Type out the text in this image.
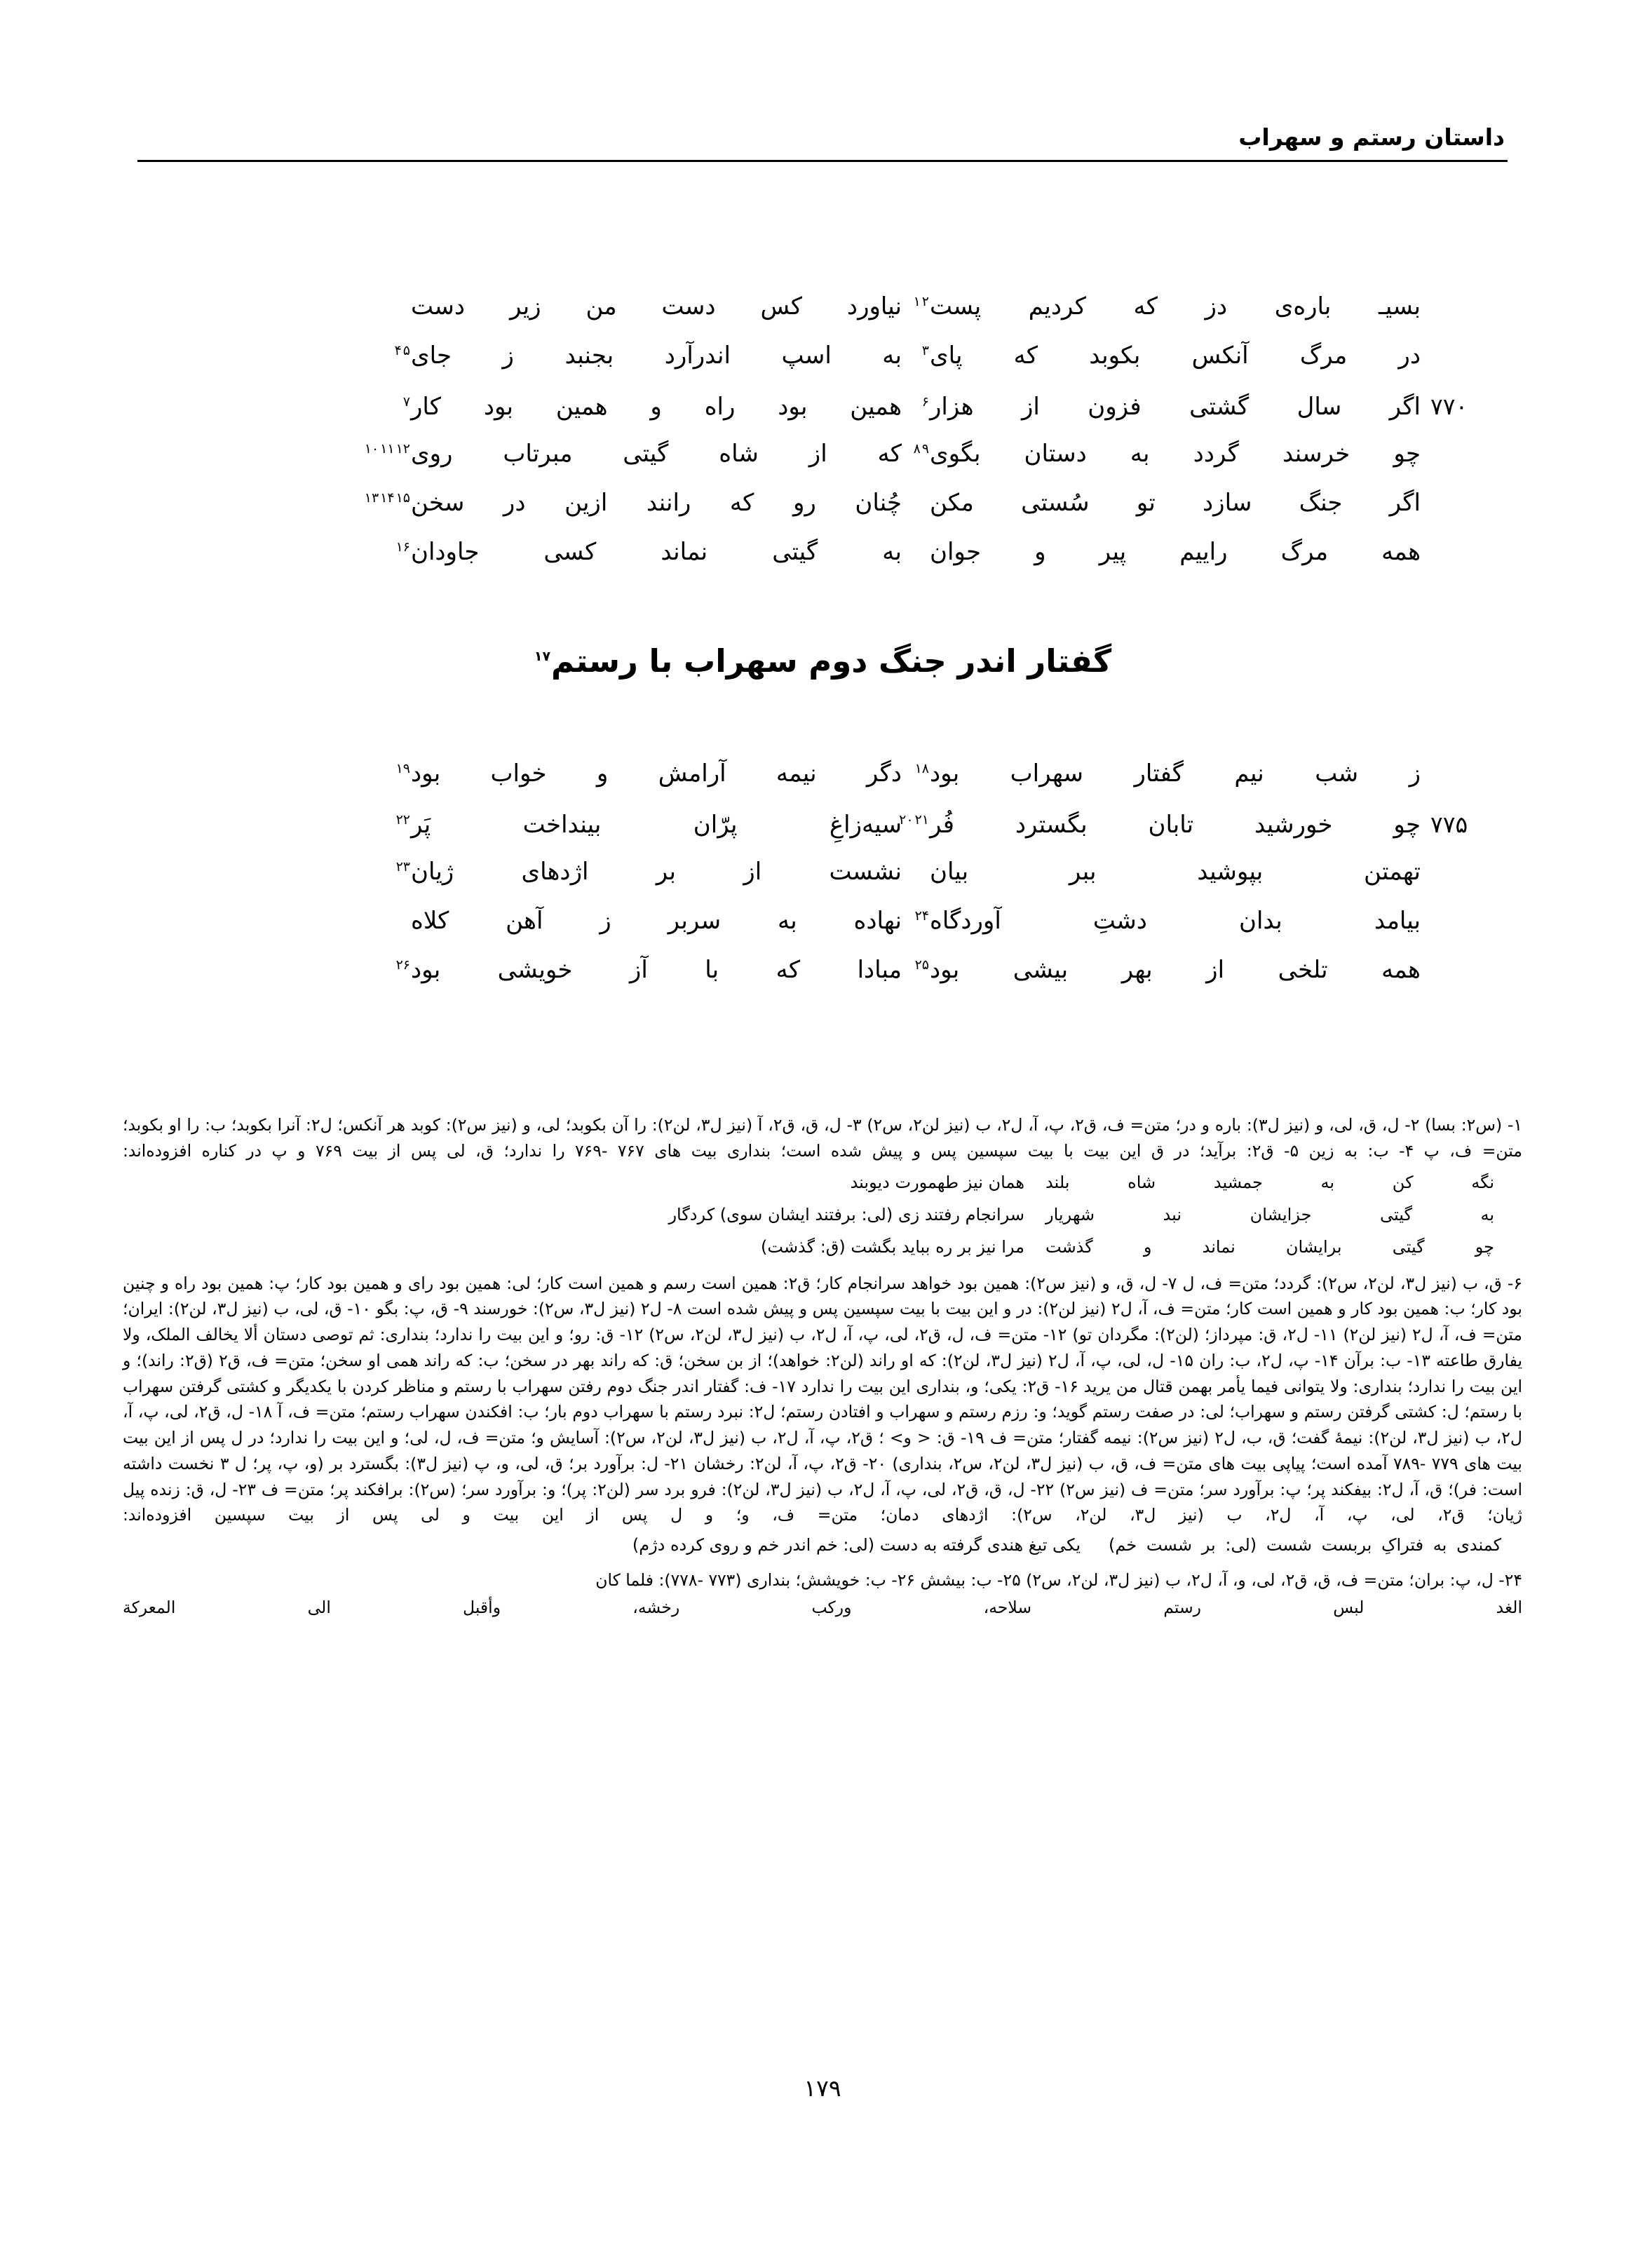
داستان رستم و سهراب
بسیـ بار‌ه‌ی دز که کردیم پست$^۱$ $^۲$
نیاورد کس دست من زیر دست
در مرگ آنکس بکوبد که پای$^۳$
به اسپ اندرآرد بجنبد ز جای$^۴$ $^۵$
۷۷۰
اگر سال گشتی فزون از هزار$^۶$
همین بود راه و همین بود کار$^۷$
چو خرسند گردد به دستان بگوی$^۸$ $^۹$
که از شاه گیتی مبرتاب روی$^{۱۰}$ $^{۱۱}$ $^{۱۲}$
اگر جنگ سازد تو سُستی مکن
چُنان رو که رانند ازین در سخن$^{۱۳}$ $^{۱۴}$ $^{۱۵}$
همه مرگ راییم پیر و جوان
به گیتی نماند کسی جاودان$^{۱۶}$
گفتار اندر جنگ دوم سهراب با رستم$^{۱۷}$
ز شب نیم گفتار سهراب بود$^{۱۸}$
دگر نیمه آرامش و خواب بود$^{۱۹}$
۷۷۵
چو خورشید تابان بگسترد فُر$^{۲۰}$ $^{۲۱}$
سیه‌زاغِ پرّان بینداخت پَر$^{۲۲}$
تهمتن بپوشید ببر بیان
نشست از بر اژدهای ژیان$^{۲۳}$
بیامد بدان دشتِ آوردگاه$^{۲۴}$
نهاده به سربر ز آهن کلاه
همه تلخی از بهر بیشی بود$^{۲۵}$
مبادا که با آز خویشی بود$^{۲۶}$
۱- (س۲: بسا) ۲- ل، ق، لی، و (نیز ل۳): باره و در؛ متن= ف، ق۲، پ، آ، ل۲، ب (نیز لن۲، س۲) ۳- ل، ق، ق۲، آ (نیز ل۳، لن۲): را آن بکوبد؛ لی، و (نیز س۲): کوبد هر آنکس؛ ل۲: آنرا بکوبد؛ ب: را او بکوبد؛ متن= ف، پ ۴- ب: به زین ۵- ق۲: برآید؛ در ق این بیت با بیت سپسین پس و پیش شده است؛ بنداری بیت های ۷۶۷ -۷۶۹ را ندارد؛ ق، لی پس از بیت ۷۶۹ و پ در کناره افزوده‌اند:
نگه کن به جمشید شاه بلند
همان نیز طهمورت دیوبند
به گیتی جزایشان نبد شهریار
سرانجام رفتند زی (لی: برفتند ایشان سوی) کردگار
چو گیتی برایشان نماند و گذشت
مرا نیز بر ره بباید بگشت (ق: گذشت)
۶- ق، ب (نیز ل۳، لن۲، س۲): گردد؛ متن= ف، ل ۷- ل، ق، و (نیز س۲): همین بود خواهد سرانجام کار؛ ق۲: همین است رسم و همین است کار؛ لی: همین بود رای و همین بود کار؛ پ: همین بود راه و چنین بود کار؛ ب: همین بود کار و همین است کار؛ متن= ف، آ، ل۲ (نیز لن۲): در و این بیت با بیت سپسین پس و پیش شده است ۸- ل۲ (نیز ل۳، س۲): خورسند ۹- ق، پ: بگو ۱۰- ق، لی، ب (نیز ل۳، لن۲): ایران؛ متن= ف، آ، ل۲ (نیز لن۲) ۱۱- ل۲، ق: مپرداز؛ (لن۲): مگردان تو) ۱۲- متن= ف، ل، ق۲، لی، پ، آ، ل۲، ب (نیز ل۳، لن۲، س۲) ۱۲- ق: رو؛ و این بیت را ندارد؛ بنداری: ثم توصی دستان ألا یخالف الملک، ولا یفارق طاعته ۱۳- ب: برآن ۱۴- پ، ل۲، ب: ران ۱۵- ل، لی، پ، آ، ل۲ (نیز ل۳، لن۲): که او راند (لن۲: خواهد)؛ از بن سخن؛ ق: که راند بهر در سخن؛ ب: که راند همی او سخن؛ متن= ف، ق۲ (ق۲: راند)؛ و این بیت را ندارد؛ بنداری: ولا یتوانی فیما یأمر بهمن قتال من یرید ۱۶- ق۲: یکی؛ و، بنداری این بیت را ندارد ۱۷- ف: گفتار اندر جنگ دوم رفتن سهراب با رستم و مناظر کردن با یکدیگر و کشتی گرفتن سهراب با رستم؛ ل: کشتی گرفتن رستم و سهراب؛ لی: در صفت رستم گوید؛ و: رزم رستم و سهراب و افتادن رستم؛ ل۲: نبرد رستم با سهراب دوم بار؛ ب: افکندن سهراب رستم؛ متن= ف، آ ۱۸- ل، ق۲، لی، پ، آ، ل۲، ب (نیز ل۳، لن۲): نیمهٔ گفت؛ ق، ب، ل۲ (نیز س۲): نیمه گفتار؛ متن= ف ۱۹- ق: < و> ؛ ق۲، پ، آ، ل۲، ب (نیز ل۳، لن۲، س۲): آسایش و؛ متن= ف، ل، لی؛ و این بیت را ندارد؛ در ل پس از این بیت بیت های ۷۷۹ -۷۸۹ آمده است؛ پیاپی بیت های متن= ف، ق، ب (نیز ل۳، لن۲، س۲، بنداری) ۲۰- ق۲، پ، آ، لن۲: رخشان ۲۱- ل: برآورد بر؛ ق، لی، و، پ (نیز ل۳): بگسترد بر (و، پ، پر؛ ل ۳ نخست داشته است: فر)؛ ق، آ، ل۲: بیفکند پر؛ پ: برآورد سر؛ متن= ف (نیز س۲) ۲۲- ل، ق، ق۲، لی، پ، آ، ل۲، ب (نیز ل۳، لن۲): فرو برد سر (لن۲: پر)؛ و: برآورد سر؛ (س۲): برافکند پر؛ متن= ف ۲۳- ل، ق: زنده پیل ژیان؛ ق۲، لی، پ، آ، ل۲، ب (نیز ل۳، لن۲، س۲): اژدهای دمان؛ متن= ف، و؛ و ل پس از این بیت و لی پس از بیت سپسین افزوده‌اند:
کمندی به فتراکِ بربست شست (لی: بر شست خم)
یکی تیغ هندی گرفته به دست (لی: خم اندر خم و روی کرده دژم)
۲۴- ل، پ: بران؛ متن= ف، ق، ق۲، لی، و، آ، ل۲، ب (نیز ل۳، لن۲، س۲) ۲۵- ب: بیشش ۲۶- ب: خویشش؛ بنداری (۷۷۳ -۷۷۸): فلما کان
الغد لبس رستم سلاحه، ورکب رخشه، وأقبل الی المعرکة
۱۷۹
